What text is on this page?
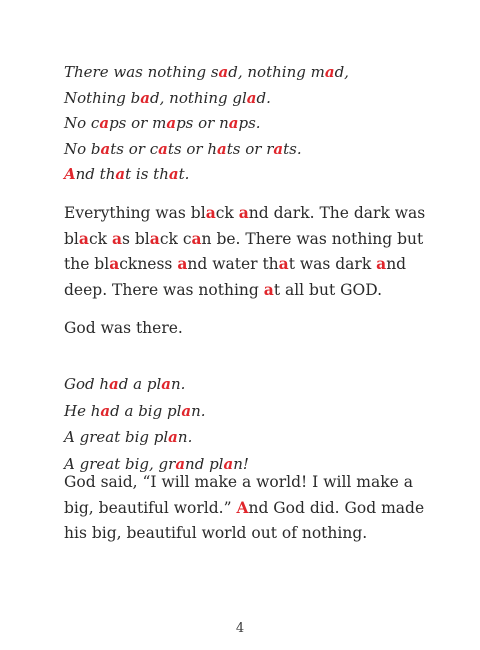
There was nothing sad, nothing mad,
Nothing bad, nothing glad.
No caps or maps or naps.
No bats or cats or hats or rats.
And that is that.
Everything was black and dark. The dark was
black as black can be. There was nothing but
the blackness and water that was dark and
deep. There was nothing at all but GOD.
God was there.
God had a plan.
He had a big plan.
A great big plan.
A great big, grand plan!
God said, “I will make a world! I will make a
big, beautiful world.” And God did. God made
his big, beautiful world out of nothing.
4
